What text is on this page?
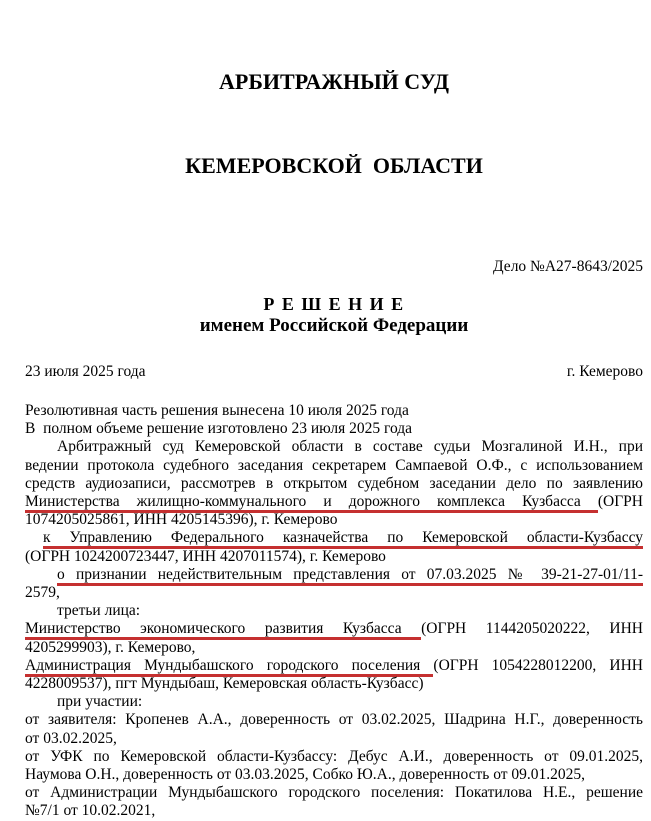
АРБИТРАЖНЫЙ СУД

КЕМЕРОВСКОЙ  ОБЛАСТИ

Дело №А27-8643/2025
Р Е Ш Е Н И Е
именем Российской Федерации
23 июля 2025 года	г. Кемерово
Резолютивная часть решения вынесена 10 июля 2025 года
В  полном объеме решение изготовлено 23 июля 2025 года
Арбитражный суд Кемеровской области в составе судьи Мозгалиной И.Н., при
ведении протокола судебного заседания секретарем Сампаевой О.Ф., с использованием
средств аудиозаписи, рассмотрев в открытом судебном заседании дело по заявлению
Министерства жилищно-коммунального и дорожного комплекса Кузбасса (ОГРН
1074205025861, ИНН 4205145396), г. Кемерово
к Управлению Федерального казначейства по Кемеровской области-Кузбассу
(ОГРН 1024200723447, ИНН 4207011574), г. Кемерово
о признании недействительным представления от 07.03.2025 № 39-21-27-01/11-
2579,
третьи лица:
Министерство экономического развития Кузбасса (ОГРН 1144205020222, ИНН
4205299903), г. Кемерово,
Администрация Мундыбашского городского поселения (ОГРН 1054228012200, ИНН
4228009537), пгт Мундыбаш, Кемеровская область-Кузбасс)
при участии:
от заявителя: Кропенев А.А., доверенность от 03.02.2025, Шадрина Н.Г., доверенность
от 03.02.2025,
от УФК по Кемеровской области-Кузбассу: Дебус А.И., доверенность от 09.01.2025,
Наумова О.Н., доверенность от 03.03.2025, Собко Ю.А., доверенность от 09.01.2025,
от Администрации Мундыбашского городского поселения: Покатилова Н.Е., решение
№7/1 от 10.02.2021,
